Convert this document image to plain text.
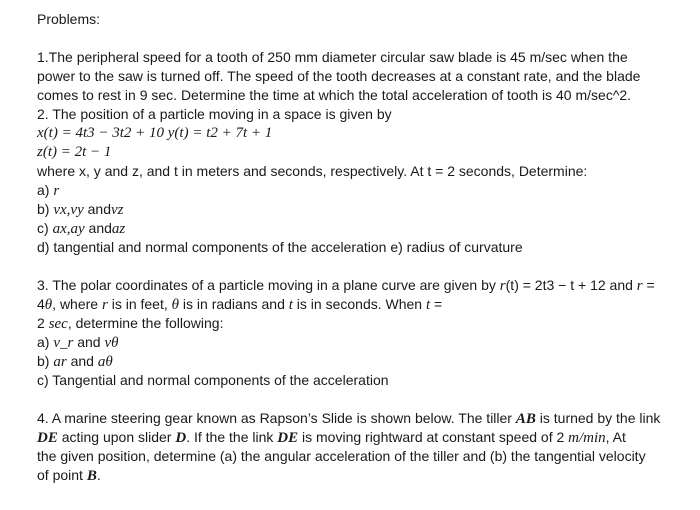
Problems:
1.The peripheral speed for a tooth of 250 mm diameter circular saw blade is 45 m/sec when the
power to the saw is turned off. The speed of the tooth decreases at a constant rate, and the blade
comes to rest in 9 sec. Determine the time at which the total acceleration of tooth is 40 m/sec^2.
2. The position of a particle moving in a space is given by
x(t) = 4t3 − 3t2 + 10 y(t) = t2 + 7t + 1
z(t) = 2t − 1
where x, y and z, and t in meters and seconds, respectively. At t = 2 seconds, Determine:
a) r⃗
b) vx,vy andvz
c) ax,ay andaz
d) tangential and normal components of the acceleration e) radius of curvature
3. The polar coordinates of a particle moving in a plane curve are given by r(t) = 2t3 − t + 12 and r =
4θ, where r is in feet, θ is in radians and t is in seconds. When t =
2 sec, determine the following:
a) v_r and vθ
b) ar and aθ
c) Tangential and normal components of the acceleration
4. A marine steering gear known as Rapson’s Slide is shown below. The tiller AB is turned by the link
DE acting upon slider D. If the the link DE is moving rightward at constant speed of 2 m/min, At
the given position, determine (a) the angular acceleration of the tiller and (b) the tangential velocity
of point B.
